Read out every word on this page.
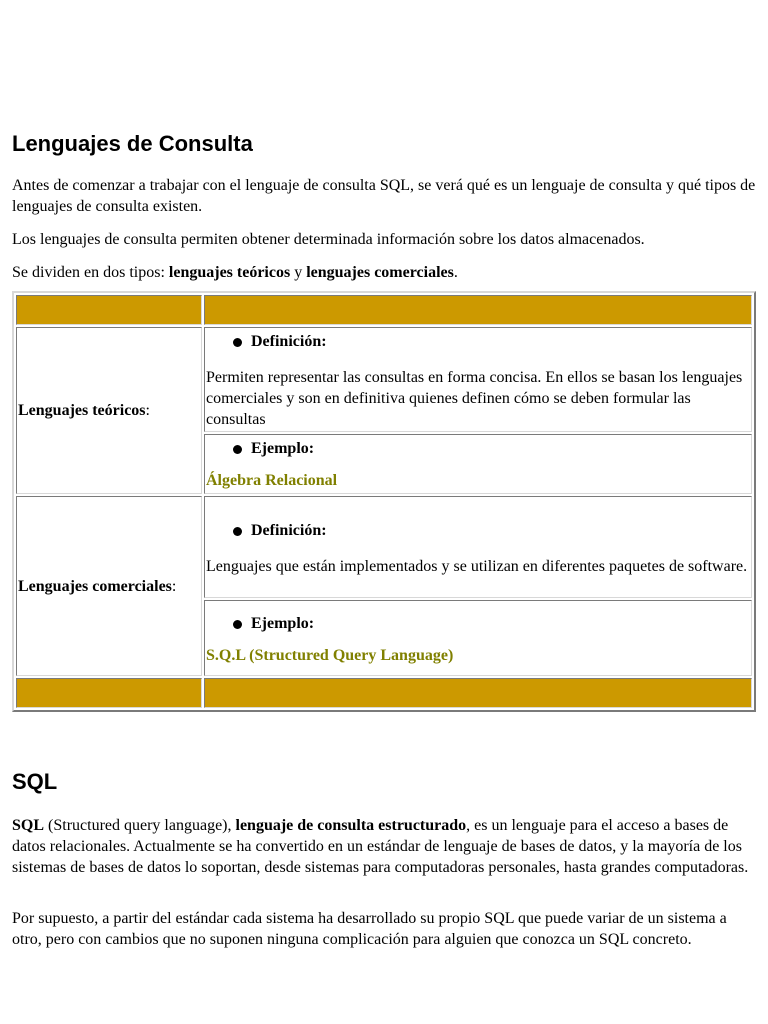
Lenguajes de Consulta

Antes de comenzar a trabajar con el lenguaje de consulta SQL, se verá qué es un lenguaje de consulta y qué tipos de lenguajes de consulta existen.

Los lenguajes de consulta permiten obtener determinada información sobre los datos almacenados.

Se dividen en dos tipos: lenguajes teóricos y lenguajes comerciales.

Lenguajes teóricos:	Definición:
Permiten representar las consultas en forma concisa. En ellos se basan los lenguajes comerciales y son en definitiva quienes definen cómo se deben formular las consultas

Ejemplo:
Álgebra Relacional

Lenguajes comerciales:	Definición:
Lenguajes que están implementados y se utilizan en diferentes paquetes de software.

Ejemplo:
S.Q.L (Structured Query Language)

SQL

SQL (Structured query language), lenguaje de consulta estructurado, es un lenguaje para el acceso a bases de datos relacionales. Actualmente se ha convertido en un estándar de lenguaje de bases de datos, y la mayoría de los sistemas de bases de datos lo soportan, desde sistemas para computadoras personales, hasta grandes computadoras.

Por supuesto, a partir del estándar cada sistema ha desarrollado su propio SQL que puede variar de un sistema a otro, pero con cambios que no suponen ninguna complicación para alguien que conozca un SQL concreto.
